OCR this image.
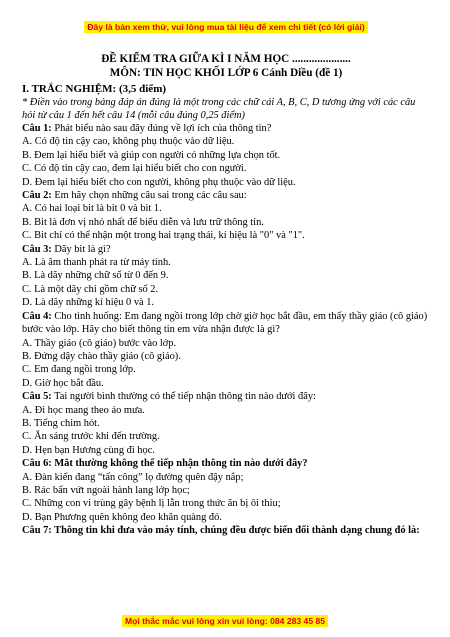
Đây là bản xem thử, vui lòng mua tài liệu để xem chi tiết (có lời giải)
ĐỀ KIỂM TRA GIỮA KÌ I NĂM HỌC .....................
MÔN: TIN HỌC KHỐI LỚP 6 Cánh Diều (đề 1)
I. TRẮC NGHIỆM: (3,5 điểm)
* Điền vào trong bảng đáp án đúng là một trong các chữ cái A, B, C, D tương ứng với các câu hỏi từ câu 1 đến hết câu 14 (mỗi câu đúng 0,25 điểm)
Câu 1: Phát biểu nào sau đây đúng về lợi ích của thông tin?
A. Có độ tin cậy cao, không phụ thuộc vào dữ liệu.
B. Đem lại hiểu biết và giúp con người có những lựa chọn tốt.
C. Có độ tin cậy cao, đem lại hiểu biết cho con người.
D. Đem lại hiểu biết cho con người, không phụ thuộc vào dữ liệu.
Câu 2: Em hãy chọn những câu sai trong các câu sau:
A. Có hai loại bit là bit 0 và bit 1.
B. Bit là đơn vị nhỏ nhất để biểu diễn và lưu trữ thông tin.
C. Bit chỉ có thể nhận một trong hai trạng thái, kí hiệu là "0" và "1".
Câu 3: Dãy bit là gì?
A. Là âm thanh phát ra từ máy tính.
B. Là dãy những chữ số từ 0 đến 9.
C. Là một dãy chỉ gồm chữ số 2.
D. Là dãy những kí hiệu 0 và 1.
Câu 4: Cho tình huống: Em đang ngồi trong lớp chờ giờ học bắt đầu, em thấy thầy giáo (cô giáo) bước vào lớp. Hãy cho biết thông tin em vừa nhận được là gì?
A. Thầy giáo (cô giáo) bước vào lớp.
B. Đứng dậy chào thầy giáo (cô giáo).
C. Em đang ngồi trong lớp.
D. Giờ học bắt đầu.
Câu 5: Tai người bình thường có thể tiếp nhận thông tin nào dưới đây:
A. Đi học mang theo áo mưa.
B. Tiếng chim hót.
C. Ăn sáng trước khi đến trường.
D. Hẹn bạn Hương cùng đi học.
Câu 6: Mắt thường không thể tiếp nhận thông tin nào dưới đây?
A. Đàn kiến đang “tấn công” lọ đường quên đậy nắp;
B. Rác bẩn vứt ngoài hành lang lớp học;
C. Những con vi trùng gây bệnh lị lẫn trong thức ăn bị ôi thiu;
D. Bạn Phương quên không đeo khăn quàng đỏ.
Câu 7: Thông tin khi đưa vào máy tính, chúng đều được biến đổi thành dạng chung đó là:
Mọi thắc mắc vui lòng xin vui lòng: 084 283 45 85
